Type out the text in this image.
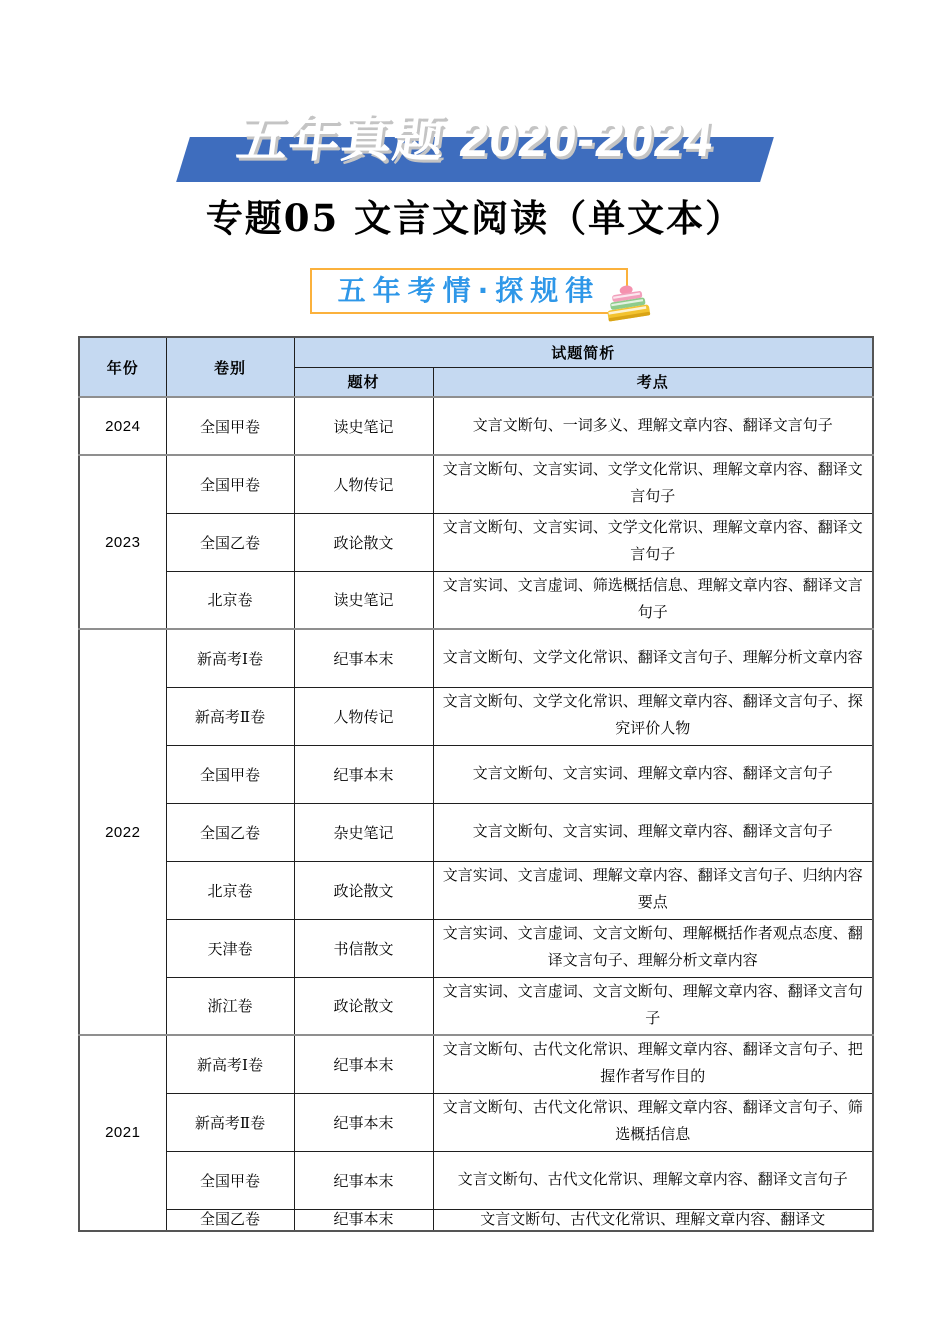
五年真题 2020-2024
专题05 文言文阅读（单文本）
五年考情·探规律
年份	卷别	试题简析	
		题材	考点
2024	全国甲卷	读史笔记	文言文断句、一词多义、理解文章内容、翻译文言句子
2023	全国甲卷	人物传记	文言文断句、文言实词、文学文化常识、理解文章内容、翻译文言句子
	全国乙卷	政论散文	文言文断句、文言实词、文学文化常识、理解文章内容、翻译文言句子
	北京卷	读史笔记	文言实词、文言虚词、筛选概括信息、理解文章内容、翻译文言句子
2022	新高考Ⅰ卷	纪事本末	文言文断句、文学文化常识、翻译文言句子、理解分析文章内容
	新高考Ⅱ卷	人物传记	文言文断句、文学文化常识、理解文章内容、翻译文言句子、探究评价人物
	全国甲卷	纪事本末	文言文断句、文言实词、理解文章内容、翻译文言句子
	全国乙卷	杂史笔记	文言文断句、文言实词、理解文章内容、翻译文言句子
	北京卷	政论散文	文言实词、文言虚词、理解文章内容、翻译文言句子、归纳内容要点
	天津卷	书信散文	文言实词、文言虚词、文言文断句、理解概括作者观点态度、翻译文言句子、理解分析文章内容
	浙江卷	政论散文	文言实词、文言虚词、文言文断句、理解文章内容、翻译文言句子
2021	新高考Ⅰ卷	纪事本末	文言文断句、古代文化常识、理解文章内容、翻译文言句子、把握作者写作目的
	新高考Ⅱ卷	纪事本末	文言文断句、古代文化常识、理解文章内容、翻译文言句子、筛选概括信息
	全国甲卷	纪事本末	文言文断句、古代文化常识、理解文章内容、翻译文言句子
	全国乙卷	纪事本末	文言文断句、古代文化常识、理解文章内容、翻译文
